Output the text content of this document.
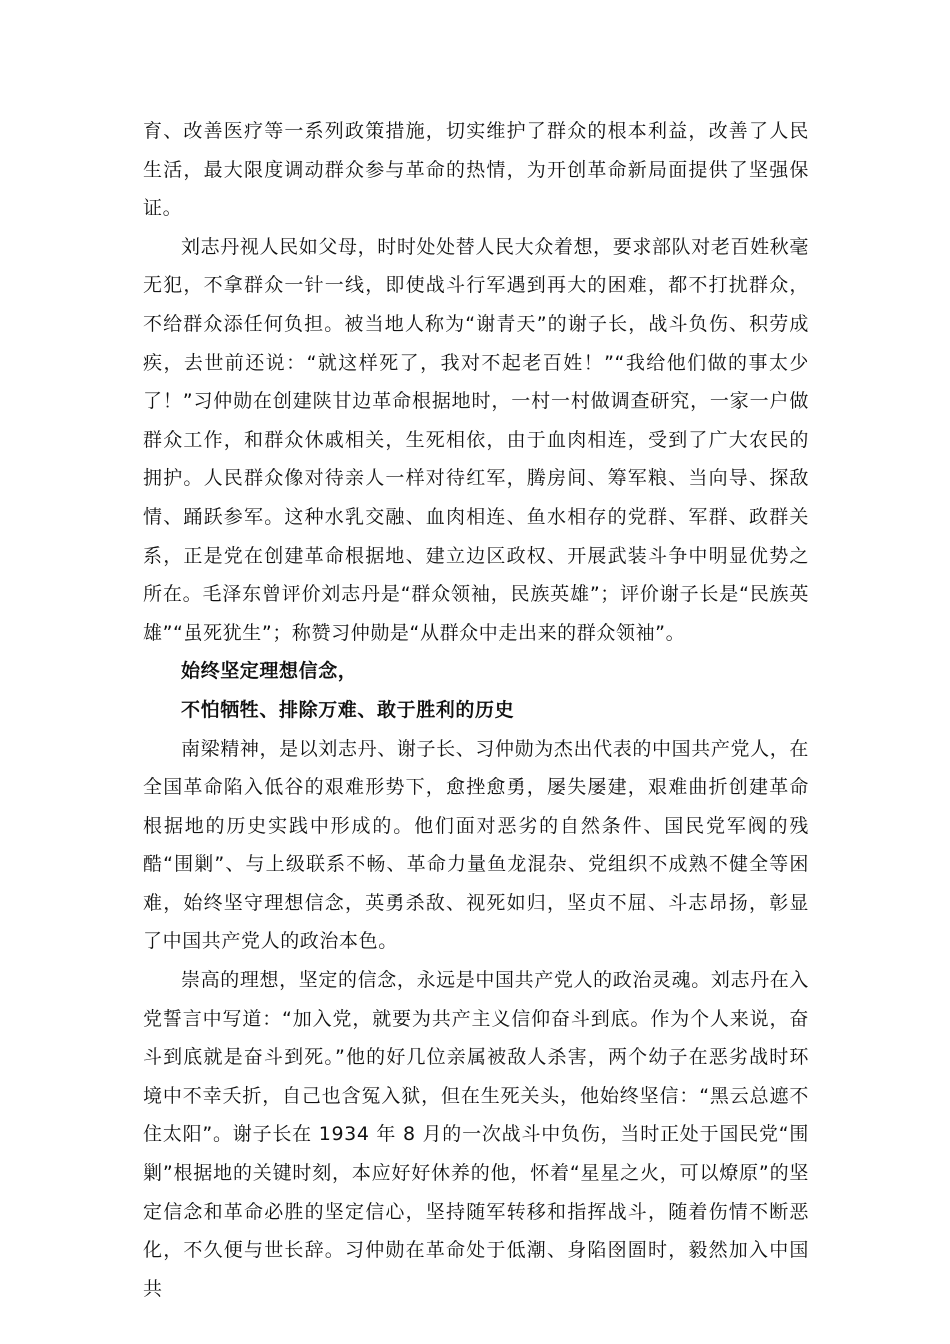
育、改善医疗等一系列政策措施，切实维护了群众的根本利益，改善了人民生活，最大限度调动群众参与革命的热情，为开创革命新局面提供了坚强保证。

刘志丹视人民如父母，时时处处替人民大众着想，要求部队对老百姓秋毫无犯，不拿群众一针一线，即使战斗行军遇到再大的困难，都不打扰群众，不给群众添任何负担。被当地人称为“谢青天”的谢子长，战斗负伤、积劳成疾，去世前还说：“就这样死了，我对不起老百姓！”“我给他们做的事太少了！”习仲勋在创建陕甘边革命根据地时，一村一村做调查研究，一家一户做群众工作，和群众休戚相关，生死相依，由于血肉相连，受到了广大农民的拥护。人民群众像对待亲人一样对待红军，腾房间、筹军粮、当向导、探敌情、踊跃参军。这种水乳交融、血肉相连、鱼水相存的党群、军群、政群关系，正是党在创建革命根据地、建立边区政权、开展武装斗争中明显优势之所在。毛泽东曾评价刘志丹是“群众领袖，民族英雄”；评价谢子长是“民族英雄”“虽死犹生”；称赞习仲勋是“从群众中走出来的群众领袖”。

始终坚定理想信念，

不怕牺牲、排除万难、敢于胜利的历史

南梁精神，是以刘志丹、谢子长、习仲勋为杰出代表的中国共产党人，在全国革命陷入低谷的艰难形势下，愈挫愈勇，屡失屡建，艰难曲折创建革命根据地的历史实践中形成的。他们面对恶劣的自然条件、国民党军阀的残酷“围剿”、与上级联系不畅、革命力量鱼龙混杂、党组织不成熟不健全等困难，始终坚守理想信念，英勇杀敌、视死如归，坚贞不屈、斗志昂扬，彰显了中国共产党人的政治本色。

崇高的理想，坚定的信念，永远是中国共产党人的政治灵魂。刘志丹在入党誓言中写道：“加入党，就要为共产主义信仰奋斗到底。作为个人来说，奋斗到底就是奋斗到死。”他的好几位亲属被敌人杀害，两个幼子在恶劣战时环境中不幸夭折，自己也含冤入狱，但在生死关头，他始终坚信：“黑云总遮不住太阳”。谢子长在 1934 年 8 月的一次战斗中负伤，当时正处于国民党“围剿”根据地的关键时刻，本应好好休养的他，怀着“星星之火，可以燎原”的坚定信念和革命必胜的坚定信心，坚持随军转移和指挥战斗，随着伤情不断恶化，不久便与世长辞。习仲勋在革命处于低潮、身陷囹圄时，毅然加入中国共
